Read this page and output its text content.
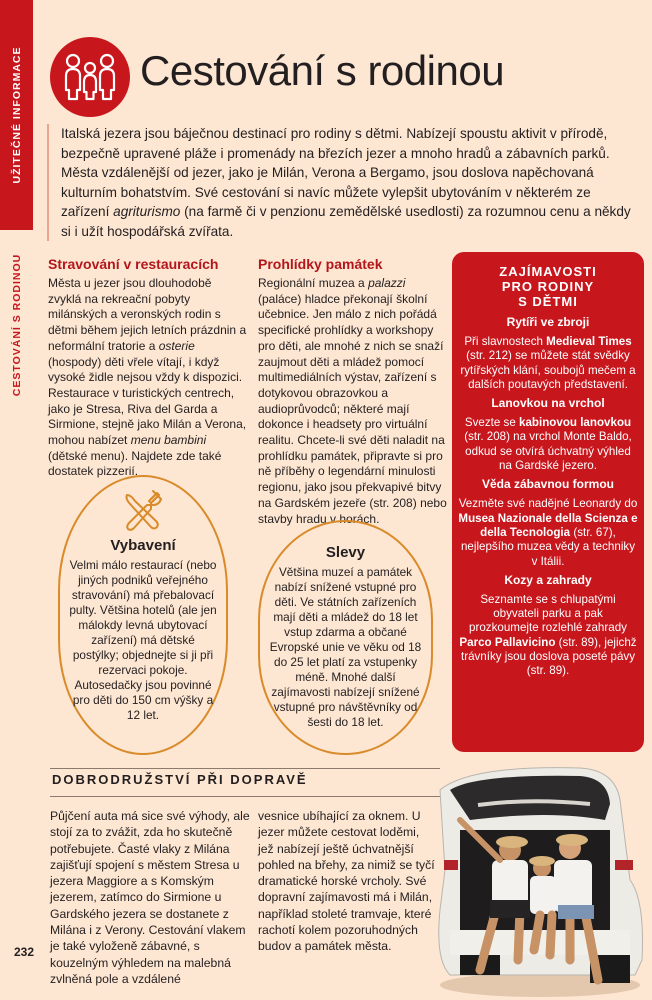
UŽITEČNÉ INFORMACE
CESTOVÁNÍ S RODINOU
Cestování s rodinou

Italská jezera jsou báječnou destinací pro rodiny s dětmi. Nabízejí spoustu aktivit v přírodě, bezpečně upravené pláže i promenády na březích jezer a mnoho hradů a zábavních parků. Města vzdálenější od jezer, jako je Milán, Verona a Bergamo, jsou doslova napěchovaná kulturním bohatstvím. Své cestování si navíc můžete vylepšit ubytováním v některém ze zařízení agriturismo (na farmě či v penzionu zemědělské usedlosti) za rozumnou cenu a někdy si i užít hospodářská zvířata.

Stravování v restauracích

Města u jezer jsou dlouhodobě zvyklá na rekreační pobyty milánských a veronských rodin s dětmi během jejich letních prázdnin a neformální tratorie a osterie (hospody) děti vřele vítají, i když vysoké židle nejsou vždy k dispozici. Restaurace v turistických centrech, jako je Stresa, Riva del Garda a Sirmione, stejně jako Milán a Verona, mohou nabízet menu bambini (dětské menu). Najdete zde také dostatek pizzerií.

Prohlídky památek

Regionální muzea a palazzi (paláce) hladce překonají školní učebnice. Jen málo z nich pořádá specifické prohlídky a workshopy pro děti, ale mnohé z nich se snaží zaujmout děti a mládež pomocí multimediálních výstav, zařízení s dotykovou obrazovkou a audioprůvodců; některé mají dokonce i headsety pro virtuální realitu. Chcete-li své děti naladit na prohlídku památek, připravte si pro ně příběhy o legendární minulosti regionu, jako jsou překvapivé bitvy na Gardském jezeře (str. 208) nebo stavby hradu v horách.

Vybavení

Velmi málo restaurací (nebo jiných podniků veřejného stravování) má přebalovací pulty. Většina hotelů (ale jen málokdy levná ubytovací zařízení) má dětské postýlky; objednejte si ji při rezervaci pokoje. Autosedačky jsou povinné pro děti do 150 cm výšky a 12 let.

Slevy

Většina muzeí a památek nabízí snížené vstupné pro děti. Ve státních zařízeních mají děti a mládež do 18 let vstup zdarma a občané Evropské unie ve věku od 18 do 25 let platí za vstupenky méně. Mnohé další zajímavosti nabízejí snížené vstupné pro návštěvníky od šesti do 18 let.

ZAJÍMAVOSTI
PRO RODINY
S DĚTMI
Rytíři ve zbroji

Při slavnostech Medieval Times (str. 212) se můžete stát svědky rytířských klání, soubojů mečem a dalších poutavých představení.

Lanovkou na vrchol

Svezte se kabinovou lanovkou (str. 208) na vrchol Monte Baldo, odkud se otvírá úchvatný výhled na Gardské jezero.

Věda zábavnou formou

Vezměte své nadějné Leonardy do Musea Nazionale della Scienza e della Tecnologia (str. 67), nejlepšího muzea vědy a techniky v Itálii.

Kozy a zahrady

Seznamte se s chlupatými obyvateli parku a pak prozkoumejte rozlehlé zahrady Parco Pallavicino (str. 89), jejichž trávníky jsou doslova poseté pávy (str. 89).

DOBRODRUŽSTVÍ PŘI DOPRAVĚ

Půjčení auta má sice své výhody, ale stojí za to zvážit, zda ho skutečně potřebujete. Časté vlaky z Milána zajišťují spojení s městem Stresa u jezera Maggiore a s Komským jezerem, zatímco do Sirmione u Gardského jezera se dostanete z Milána i z Verony. Cestování vlakem je také vyloženě zábavné, s kouzelným výhledem na malebná zvlněná pole a vzdálené

vesnice ubíhající za oknem. U jezer můžete cestovat loděmi, jež nabízejí ještě úchvatnější pohled na břehy, za nimiž se tyčí dramatické horské vrcholy. Své dopravní zajímavosti má i Milán, například stoleté tramvaje, které rachotí kolem pozoruhodných budov a památek města.

232
